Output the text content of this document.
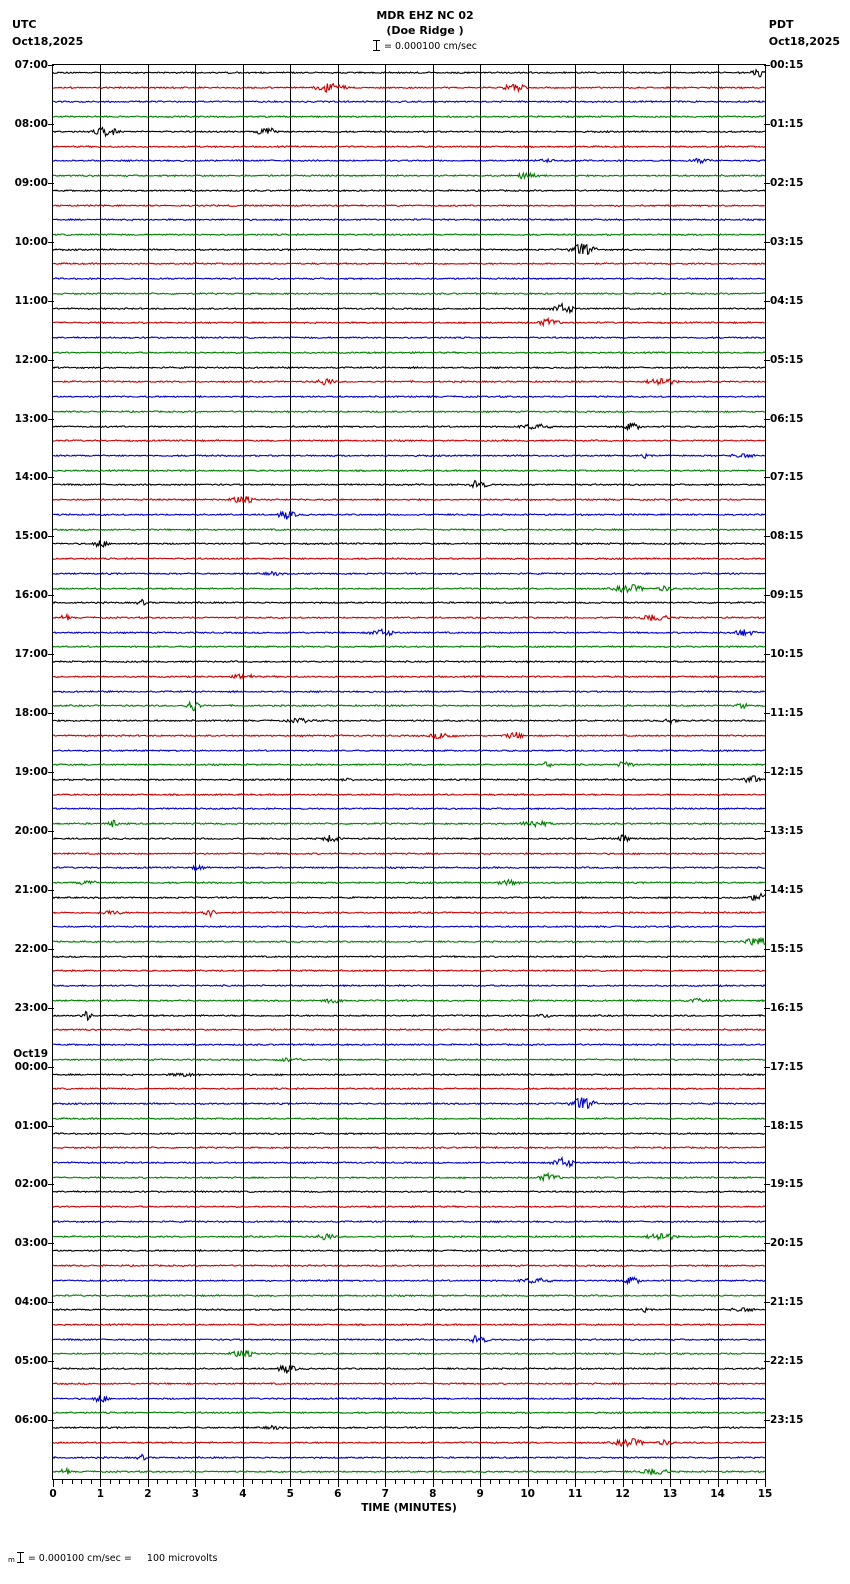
UTC
Oct18,2025
MDR EHZ NC 02
(Doe Ridge )
= 0.000100 cm/sec
PDT
Oct18,2025
07:00
08:00
09:00
10:00
11:00
12:00
13:00
14:00
15:00
16:00
17:00
18:00
19:00
20:00
21:00
22:00
23:00
00:00
Oct19
01:00
02:00
03:00
04:00
05:00
06:00
00:15
01:15
02:15
03:15
04:15
05:15
06:15
07:15
08:15
09:15
10:15
11:15
12:15
13:15
14:15
15:15
16:15
17:15
18:15
19:15
20:15
21:15
22:15
23:15
TIME (MINUTES)
0	1	2	3	4	5	6	7	8	9	10	11	12	13	14	15
m = 0.000100 cm/sec =     100 microvolts
